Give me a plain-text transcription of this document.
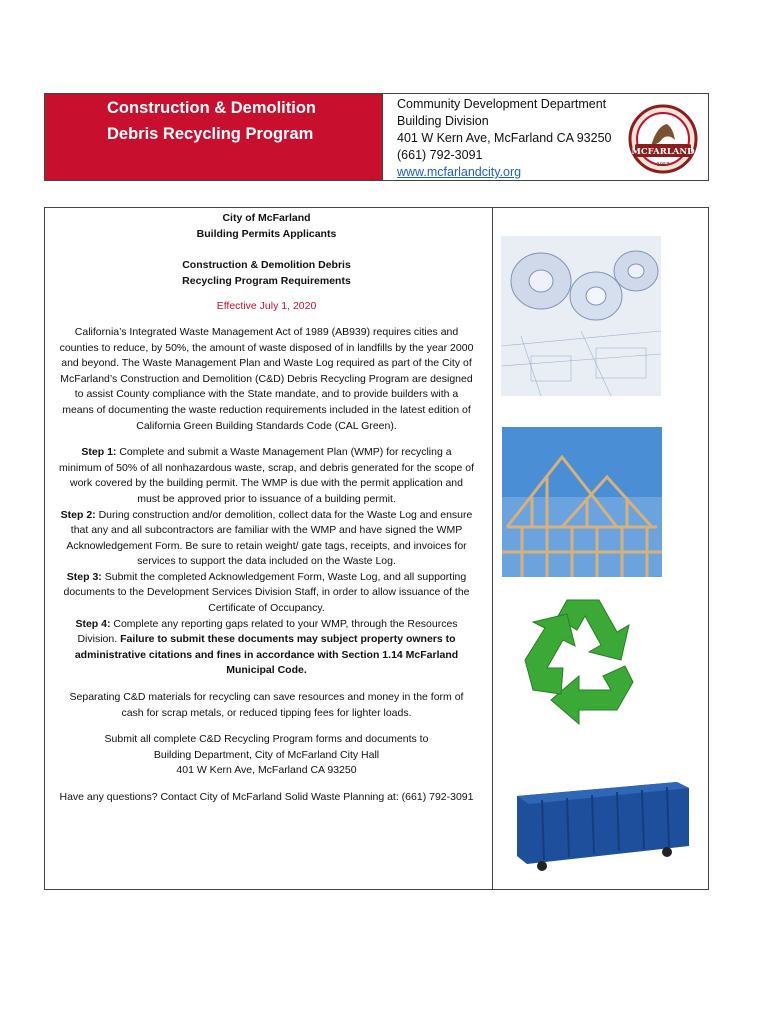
Construction & Demolition
Debris Recycling Program
Community Development Department
Building Division
401 W Kern Ave, McFarland CA 93250
(661) 792-3091
www.mcfarlandcity.org
MCFARLAND
1957

City of McFarland

Building Permits Applicants

Construction & Demolition Debris

Recycling Program Requirements

Effective July 1, 2020

California’s Integrated Waste Management Act of 1989 (AB939) requires cities and counties to reduce, by 50%, the amount of waste disposed of in landfills by the year 2000 and beyond. The Waste Management Plan and Waste Log required as part of the City of McFarland’s Construction and Demolition (C&D) Debris Recycling Program are designed to assist County compliance with the State mandate, and to provide builders with a means of documenting the waste reduction requirements included in the latest edition of California Green Building Standards Code (CAL Green).

Step 1: Complete and submit a Waste Management Plan (WMP) for recycling a minimum of 50% of all nonhazardous waste, scrap, and debris generated for the scope of work covered by the building permit. The WMP is due with the permit application and must be approved prior to issuance of a building permit.

Step 2: During construction and/or demolition, collect data for the Waste Log and ensure that any and all subcontractors are familiar with the WMP and have signed the WMP Acknowledgement Form. Be sure to retain weight/ gate tags, receipts, and invoices for services to support the data included on the Waste Log.

Step 3: Submit the completed Acknowledgement Form, Waste Log, and all supporting documents to the Development Services Division Staff, in order to allow issuance of the Certificate of Occupancy.

Step 4: Complete any reporting gaps related to your WMP, through the Resources Division. Failure to submit these documents may subject property owners to administrative citations and fines in accordance with Section 1.14 McFarland Municipal Code.

Separating C&D materials for recycling can save resources and money in the form of cash for scrap metals, or reduced tipping fees for lighter loads.

Submit all complete C&D Recycling Program forms and documents to

Building Department, City of McFarland City Hall

401 W Kern Ave, McFarland CA 93250

Have any questions? Contact City of McFarland Solid Waste Planning at: (661) 792-3091
